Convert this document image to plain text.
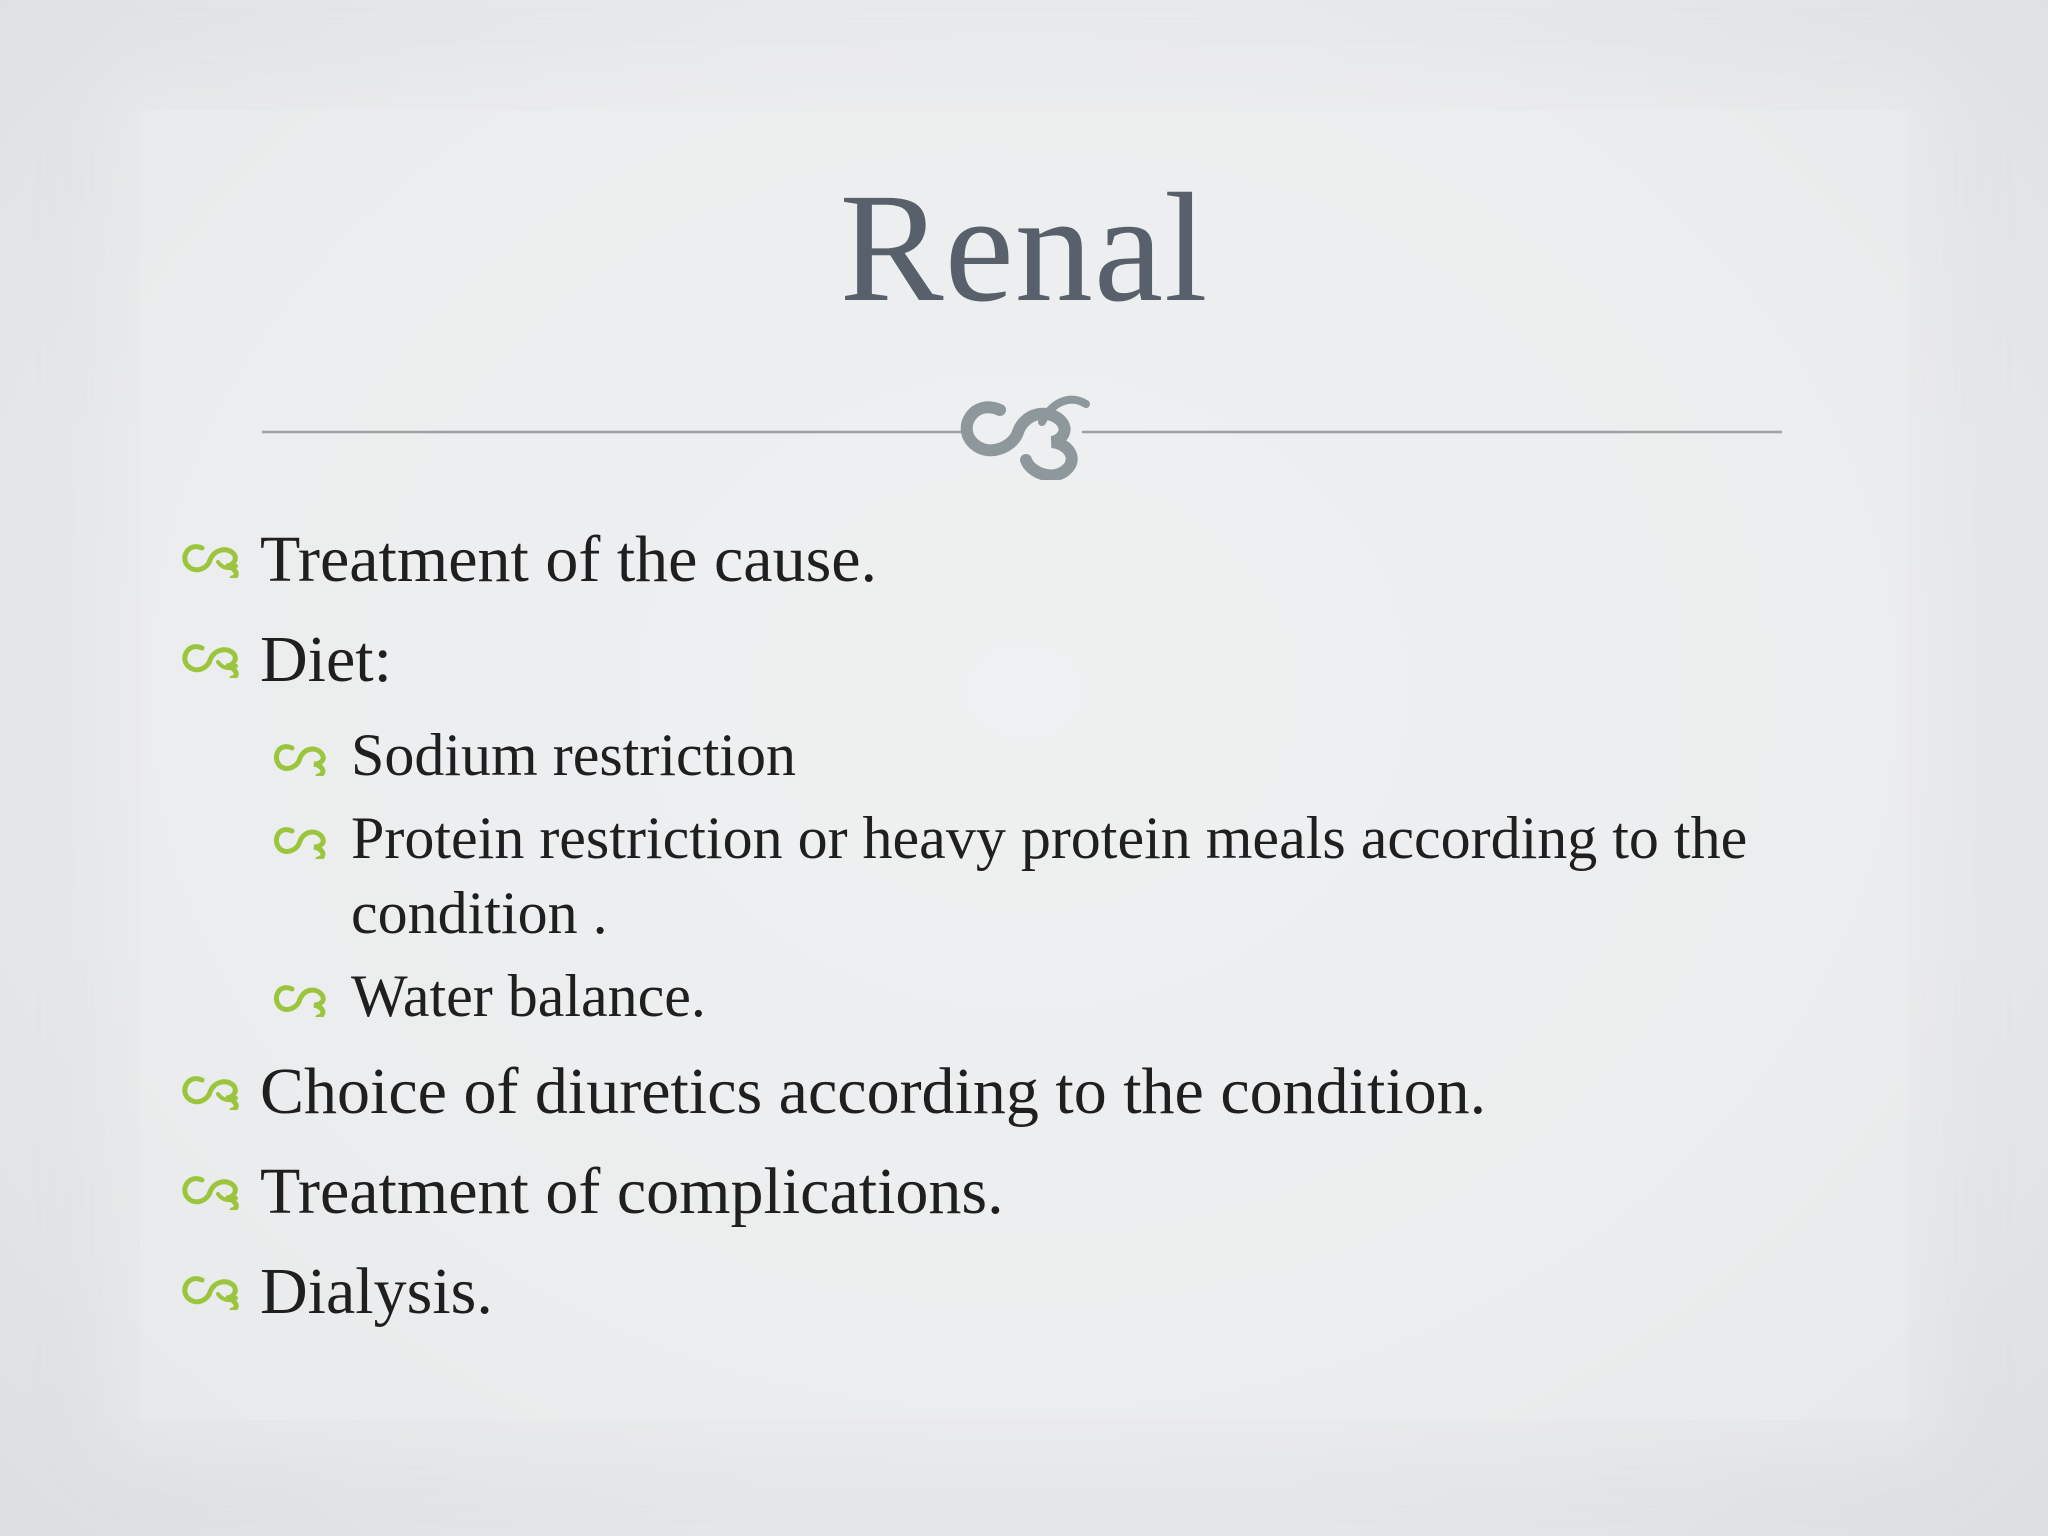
Renal
Treatment of the cause.
Diet:
Sodium restriction
Protein restriction or heavy protein meals according to the condition .
Water balance.
Choice of diuretics according to the condition.
Treatment of complications.
Dialysis.
